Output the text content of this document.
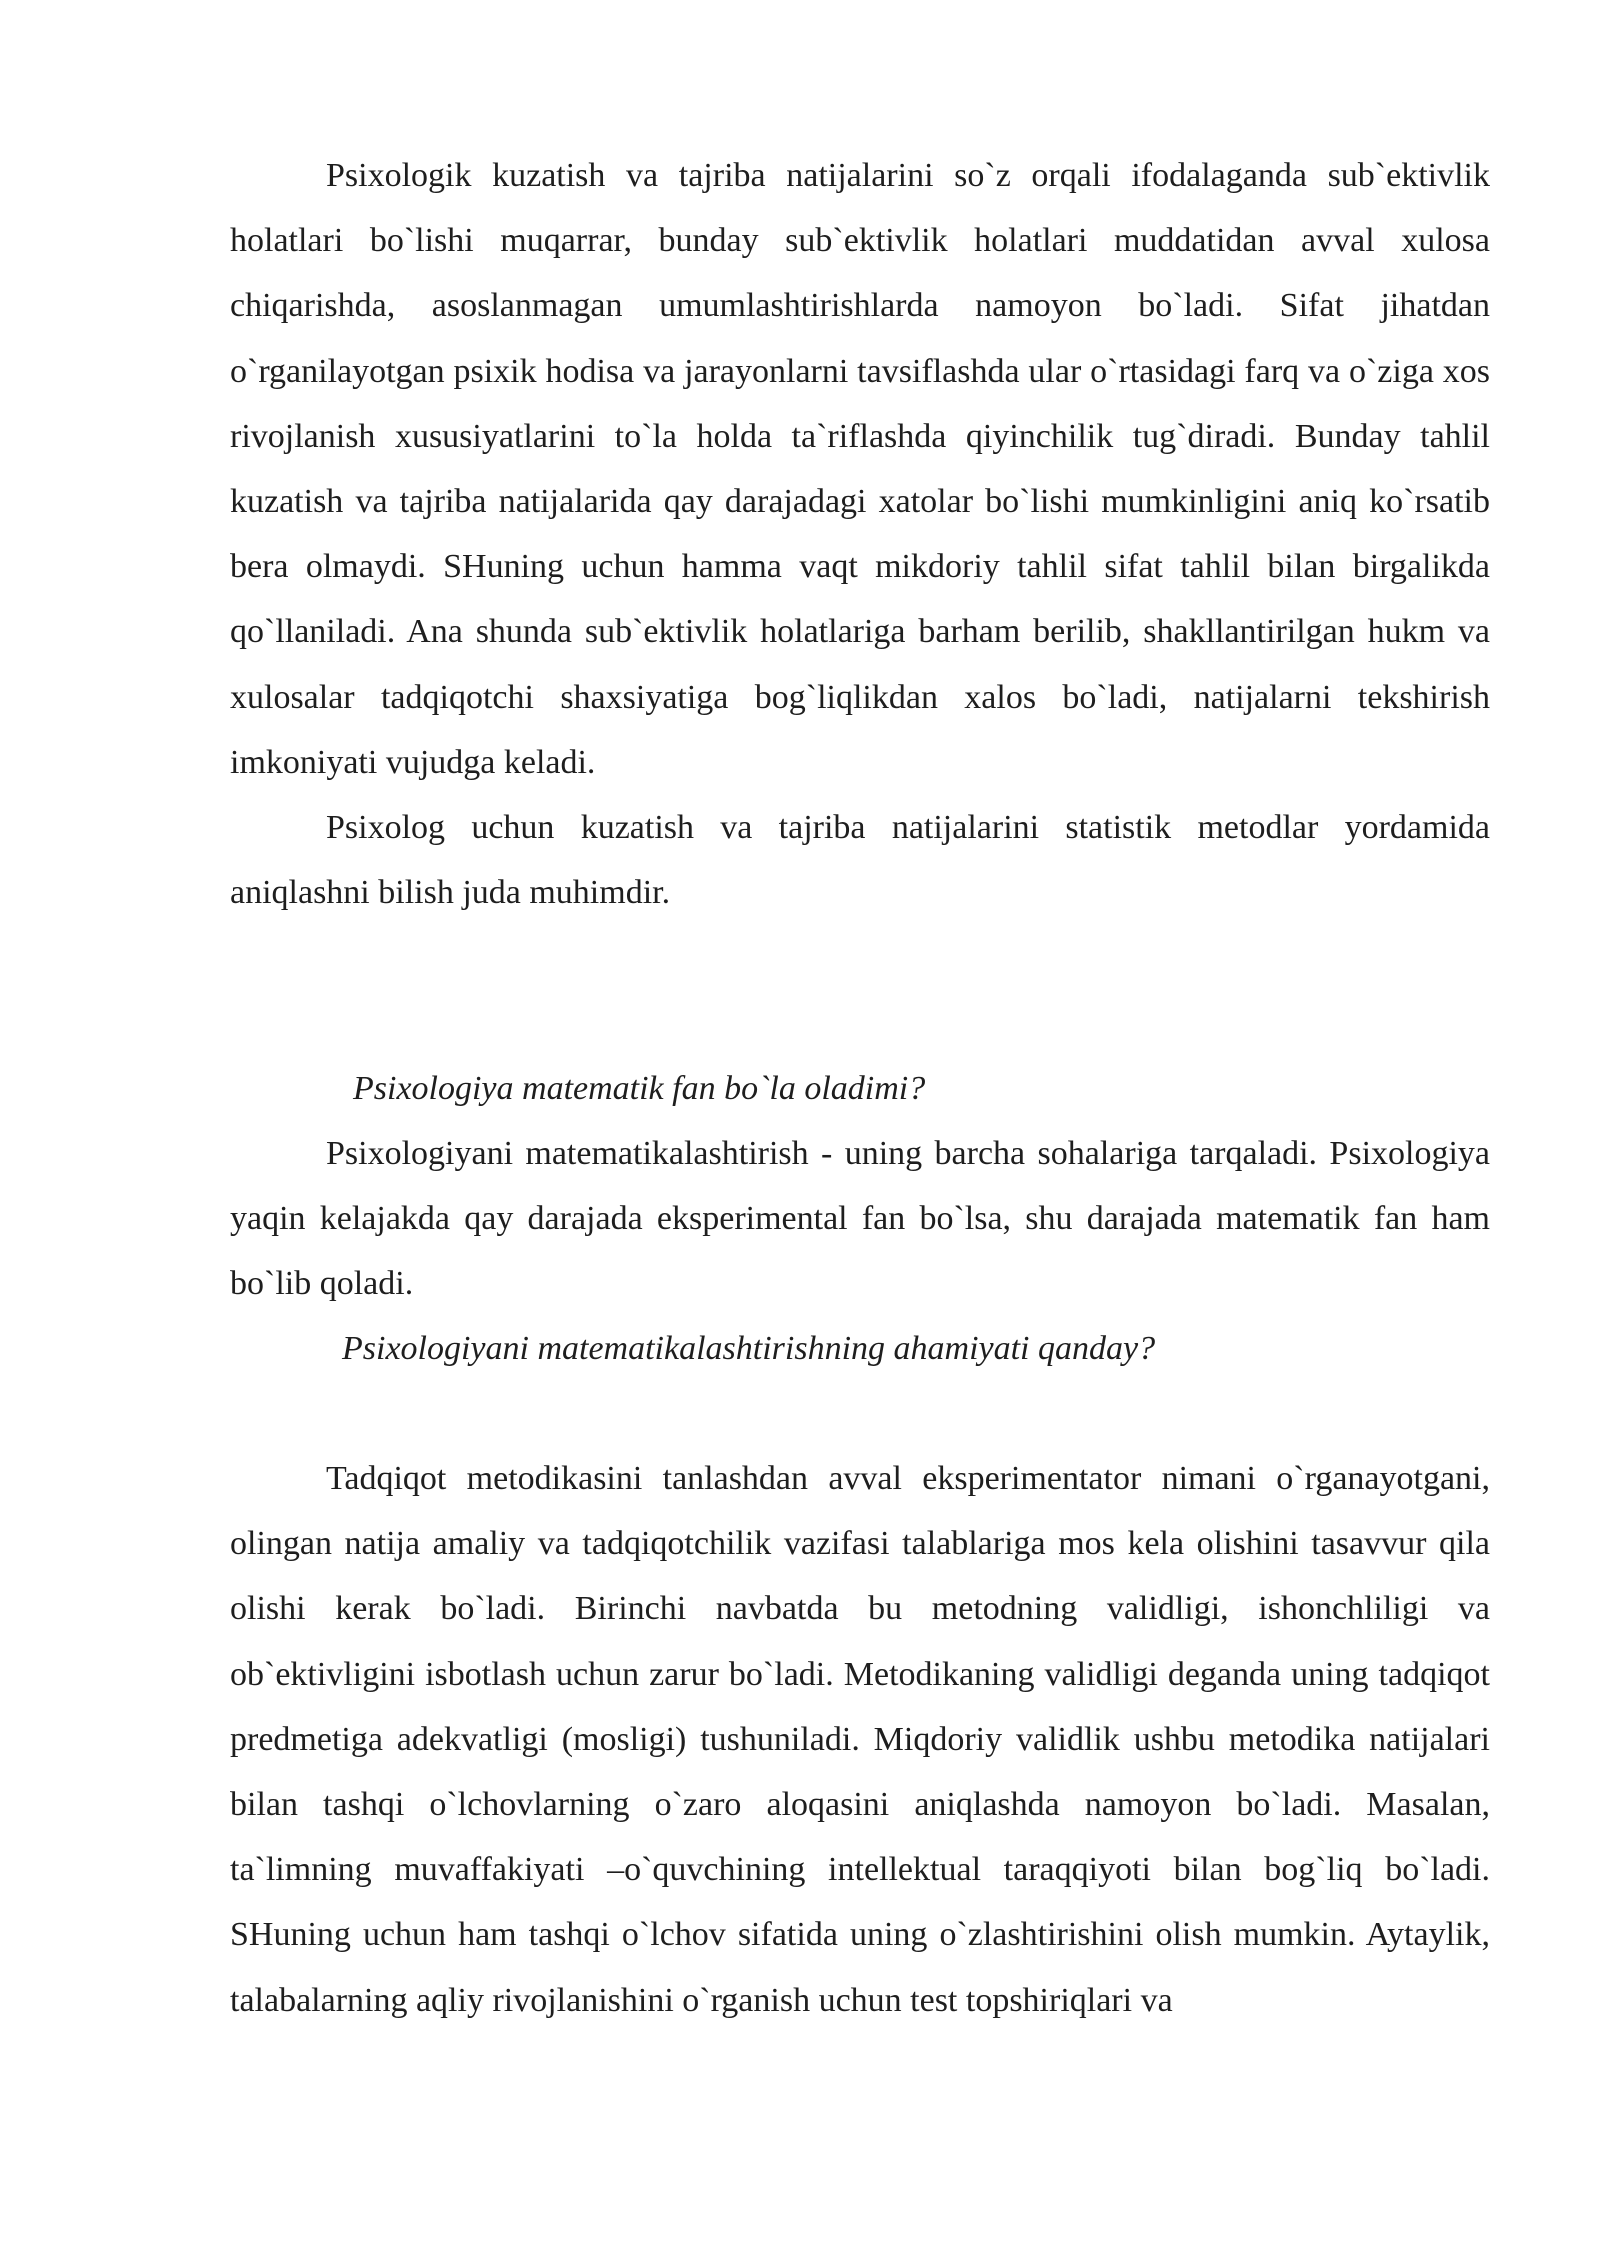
Psixologik kuzatish va tajriba natijalarini so`z orqali ifodalaganda sub`ektivlik holatlari bo`lishi muqarrar, bunday sub`ektivlik holatlari muddatidan avval xulosa chiqarishda, asoslanmagan umumlashtirishlarda namoyon bo`ladi. Sifat jihatdan o`rganilayotgan psixik hodisa va jarayonlarni tavsiflashda ular o`rtasidagi farq va o`ziga xos rivojlanish xususiyatlarini to`la holda ta`riflashda qiyinchilik tug`diradi. Bunday tahlil kuzatish va tajriba natijalarida qay darajadagi xatolar bo`lishi mumkinligini aniq ko`rsatib bera olmaydi. SHuning uchun hamma vaqt mikdoriy tahlil sifat tahlil bilan birgalikda qo`llaniladi. Ana shunda sub`ektivlik holatlariga barham berilib, shakllantirilgan hukm va xulosalar tadqiqotchi shaxsiyatiga bog`liqlikdan xalos bo`ladi, natijalarni tekshirish imkoniyati vujudga keladi.

Psixolog uchun kuzatish va tajriba natijalarini statistik metodlar yordamida aniqlashni bilish juda muhimdir.

Psixologiya matematik fan bo`la oladimi?

Psixologiyani matematikalashtirish - uning barcha sohalariga tarqaladi. Psixologiya yaqin kelajakda qay darajada eksperimental fan bo`lsa, shu darajada matematik fan ham bo`lib qoladi.

Psixologiyani matematikalashtirishning ahamiyati qanday?

Tadqiqot metodikasini tanlashdan avval eksperimentator nimani o`rganayotgani, olingan natija amaliy va tadqiqotchilik vazifasi talablariga mos kela olishini tasavvur qila olishi kerak bo`ladi. Birinchi navbatda bu metodning validligi, ishonchliligi va ob`ektivligini isbotlash uchun zarur bo`ladi. Metodikaning validligi deganda uning tadqiqot predmetiga adekvatligi (mosligi) tushuniladi. Miqdoriy validlik ushbu metodika natijalari bilan tashqi o`lchovlarning o`zaro aloqasini aniqlashda namoyon bo`ladi. Masalan, ta`limning muvaffakiyati –o`quvchining intellektual taraqqiyoti bilan bog`liq bo`ladi. SHuning uchun ham tashqi o`lchov sifatida uning o`zlashtirishini olish mumkin. Aytaylik, talabalarning aqliy rivojlanishini o`rganish uchun test topshiriqlari va
